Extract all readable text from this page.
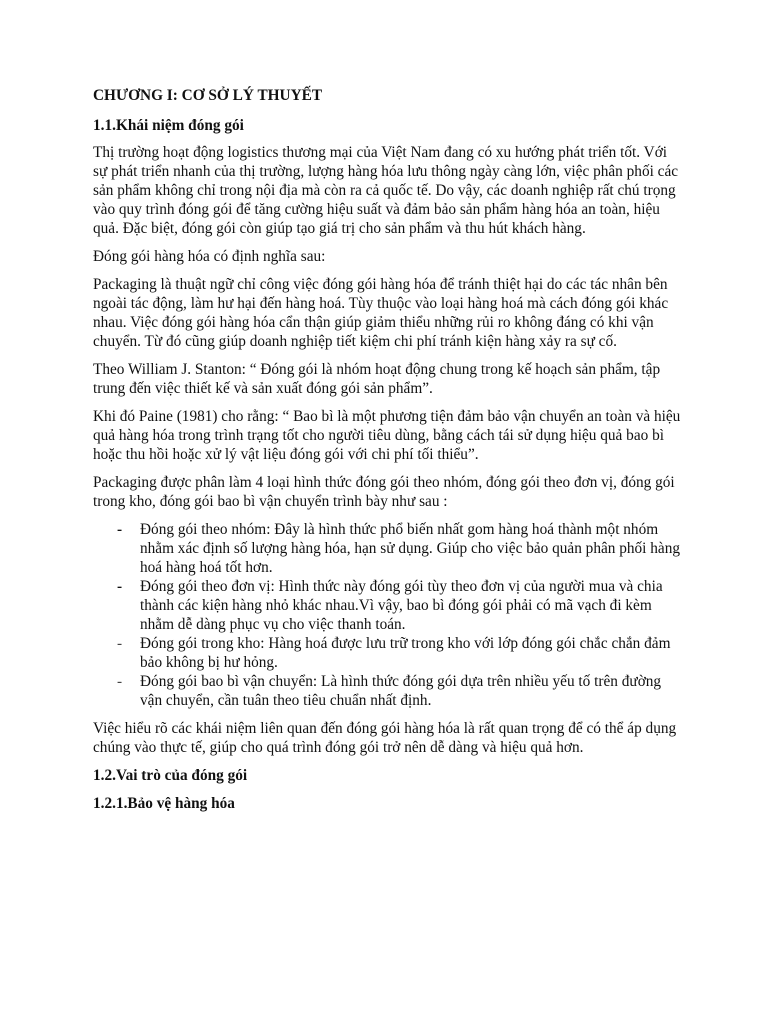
CHƯƠNG I: CƠ SỞ LÝ THUYẾT
1.1.Khái niệm đóng gói

Thị trường hoạt động logistics thương mại của Việt Nam đang có xu hướng phát triển tốt. Với sự phát triển nhanh của thị trường, lượng hàng hóa lưu thông ngày càng lớn, việc phân phối các sản phẩm không chỉ trong nội địa mà còn ra cả quốc tế. Do vậy, các doanh nghiệp rất chú trọng vào quy trình đóng gói để tăng cường hiệu suất và đảm bảo sản phẩm hàng hóa an toàn, hiệu quả. Đặc biệt, đóng gói còn giúp tạo giá trị cho sản phẩm và thu hút khách hàng.

Đóng gói hàng hóa có định nghĩa sau:

Packaging là thuật ngữ chỉ công việc đóng gói hàng hóa để tránh thiệt hại do các tác nhân bên ngoài tác động, làm hư hại đến hàng hoá. Tùy thuộc vào loại hàng hoá mà cách đóng gói khác nhau. Việc đóng gói hàng hóa cẩn thận giúp giảm thiểu những rủi ro không đáng có khi vận chuyển. Từ đó cũng giúp doanh nghiệp tiết kiệm chi phí tránh kiện hàng xảy ra sự cố.

Theo William J. Stanton: “ Đóng gói là nhóm hoạt động chung trong kế hoạch sản phẩm, tập trung đến việc thiết kế và sản xuất đóng gói sản phẩm”.

Khi đó Paine (1981) cho rằng: “ Bao bì là một phương tiện đảm bảo vận chuyển an toàn và hiệu quả hàng hóa trong trình trạng tốt cho người tiêu dùng, bằng cách tái sử dụng hiệu quả bao bì hoặc thu hồi hoặc xử lý vật liệu đóng gói với chi phí tối thiểu”.

Packaging được phân làm 4 loại hình thức đóng gói theo nhóm, đóng gói theo đơn vị, đóng gói trong kho, đóng gói bao bì vận chuyển trình bày như sau :

- Đóng gói theo nhóm: Đây là hình thức phổ biến nhất gom hàng hoá thành một nhóm nhằm xác định số lượng hàng hóa, hạn sử dụng. Giúp cho việc bảo quản phân phối hàng hoá hàng hoá tốt hơn.
- Đóng gói theo đơn vị: Hình thức này đóng gói tùy theo đơn vị của người mua và chia thành các kiện hàng nhỏ khác nhau.Vì vậy, bao bì đóng gói phải có mã vạch đi kèm nhằm dễ dàng phục vụ cho việc thanh toán.
- Đóng gói trong kho: Hàng hoá được lưu trữ trong kho với lớp đóng gói chắc chắn đảm bảo không bị hư hỏng.
- Đóng gói bao bì vận chuyển: Là hình thức đóng gói dựa trên nhiều yếu tố trên đường vận chuyển, cần tuân theo tiêu chuẩn nhất định.

Việc hiểu rõ các khái niệm liên quan đến đóng gói hàng hóa là rất quan trọng để có thể áp dụng chúng vào thực tế, giúp cho quá trình đóng gói trở nên dễ dàng và hiệu quả hơn.

1.2.Vai trò của đóng gói
1.2.1.Bảo vệ hàng hóa
